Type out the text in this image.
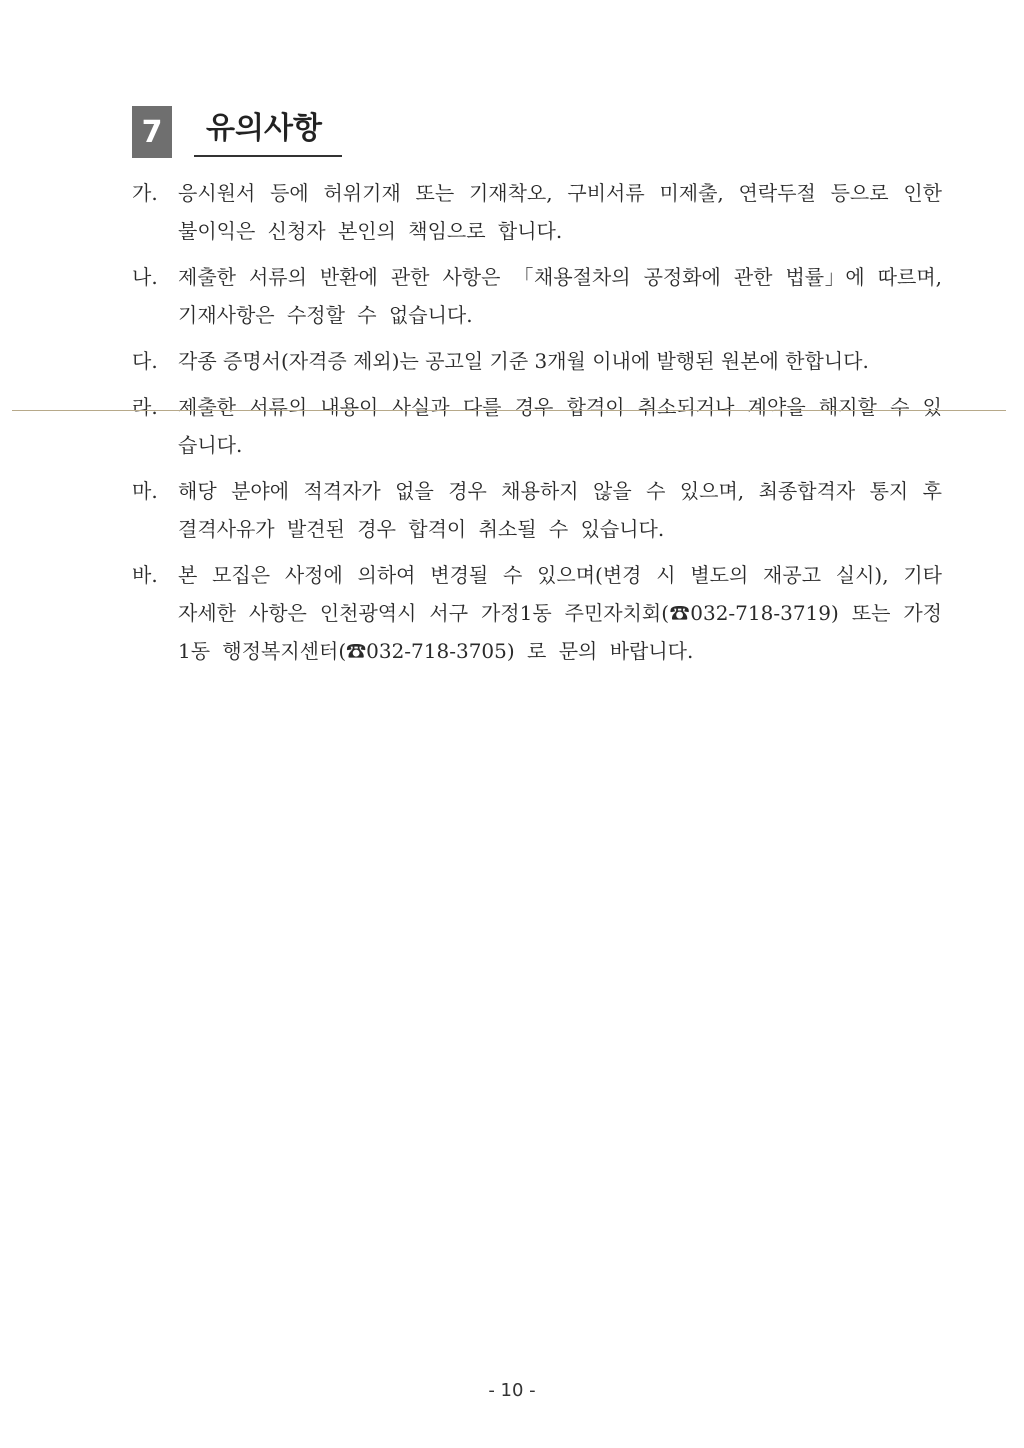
7	유의사항
가.	응시원서 등에 허위기재 또는 기재착오, 구비서류 미제출, 연락두절 등으로 인한 불이익은 신청자 본인의 책임으로 합니다.
나.	제출한 서류의 반환에 관한 사항은 「채용절차의 공정화에 관한 법률」에 따르며, 기재사항은 수정할 수 없습니다.
다.	각종 증명서(자격증 제외)는 공고일 기준 3개월 이내에 발행된 원본에 한합니다.
라.	제출한 서류의 내용이 사실과 다를 경우 합격이 취소되거나 계약을 해지할 수 있습니다.
마.	해당 분야에 적격자가 없을 경우 채용하지 않을 수 있으며, 최종합격자 통지 후 결격사유가 발견된 경우 합격이 취소될 수 있습니다.
바.	본 모집은 사정에 의하여 변경될 수 있으며(변경 시 별도의 재공고 실시), 기타 자세한 사항은 인천광역시 서구 가정1동 주민자치회(☎032-718-3719) 또는 가정1동 행정복지센터(☎032-718-3705) 로 문의 바랍니다.
- 10 -
